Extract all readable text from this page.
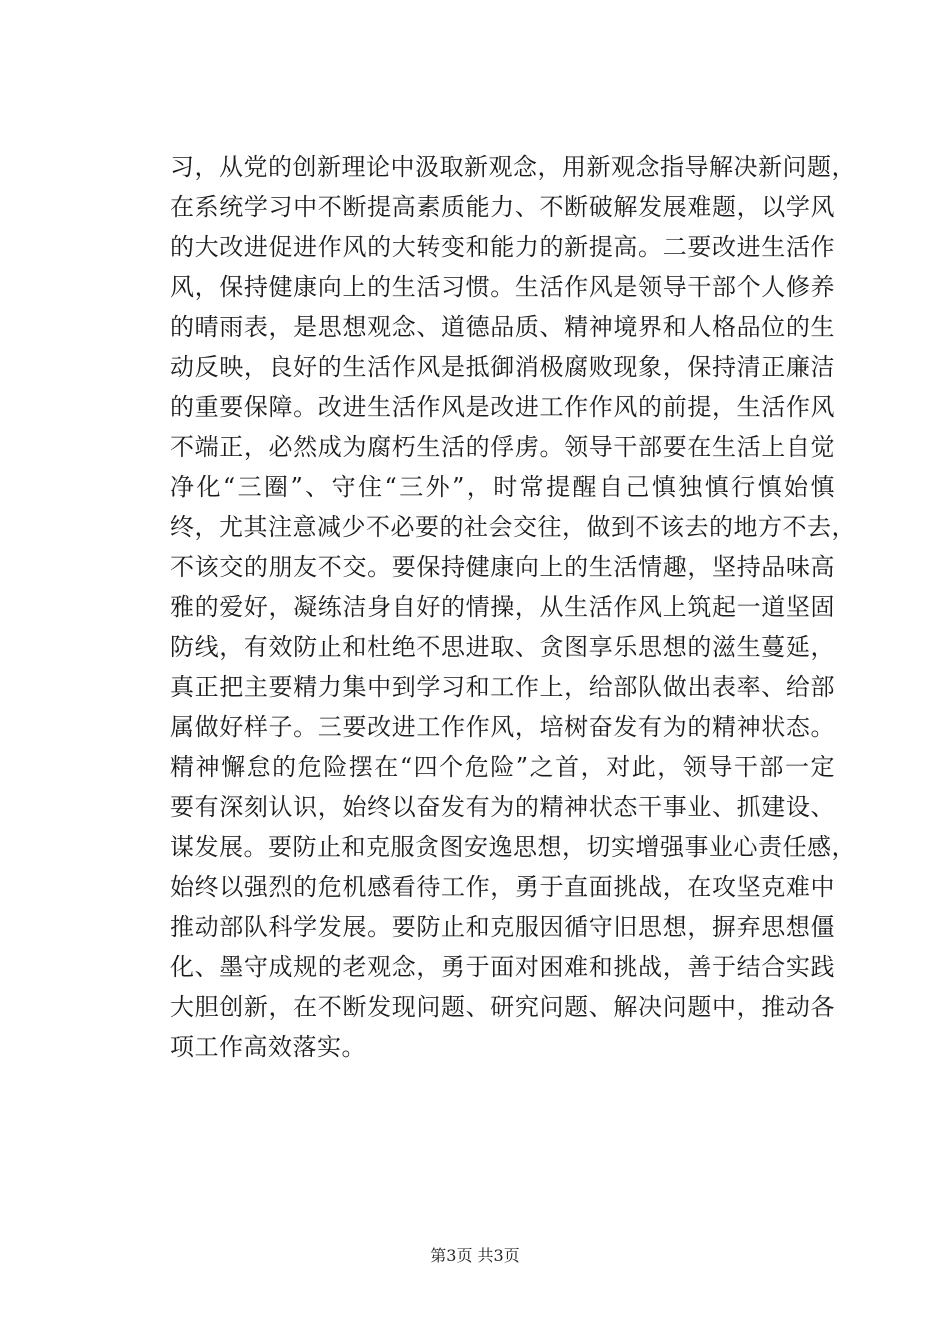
习，从党的创新理论中汲取新观念，用新观念指导解决新问题，
在系统学习中不断提高素质能力、不断破解发展难题，以学风
的大改进促进作风的大转变和能力的新提高。二要改进生活作
风，保持健康向上的生活习惯。生活作风是领导干部个人修养
的晴雨表，是思想观念、道德品质、精神境界和人格品位的生
动反映，良好的生活作风是抵御消极腐败现象，保持清正廉洁
的重要保障。改进生活作风是改进工作作风的前提，生活作风
不端正，必然成为腐朽生活的俘虏。领导干部要在生活上自觉
净化“三圈”、守住“三外”，时常提醒自己慎独慎行慎始慎
终，尤其注意减少不必要的社会交往，做到不该去的地方不去，
不该交的朋友不交。要保持健康向上的生活情趣，坚持品味高
雅的爱好，凝练洁身自好的情操，从生活作风上筑起一道坚固
防线，有效防止和杜绝不思进取、贪图享乐思想的滋生蔓延，
真正把主要精力集中到学习和工作上，给部队做出表率、给部
属做好样子。三要改进工作作风，培树奋发有为的精神状态。
精神懈怠的危险摆在“四个危险”之首，对此，领导干部一定
要有深刻认识，始终以奋发有为的精神状态干事业、抓建设、
谋发展。要防止和克服贪图安逸思想，切实增强事业心责任感，
始终以强烈的危机感看待工作，勇于直面挑战，在攻坚克难中
推动部队科学发展。要防止和克服因循守旧思想，摒弃思想僵
化、墨守成规的老观念，勇于面对困难和挑战，善于结合实践
大胆创新，在不断发现问题、研究问题、解决问题中，推动各
项工作高效落实。
第3页 共3页
